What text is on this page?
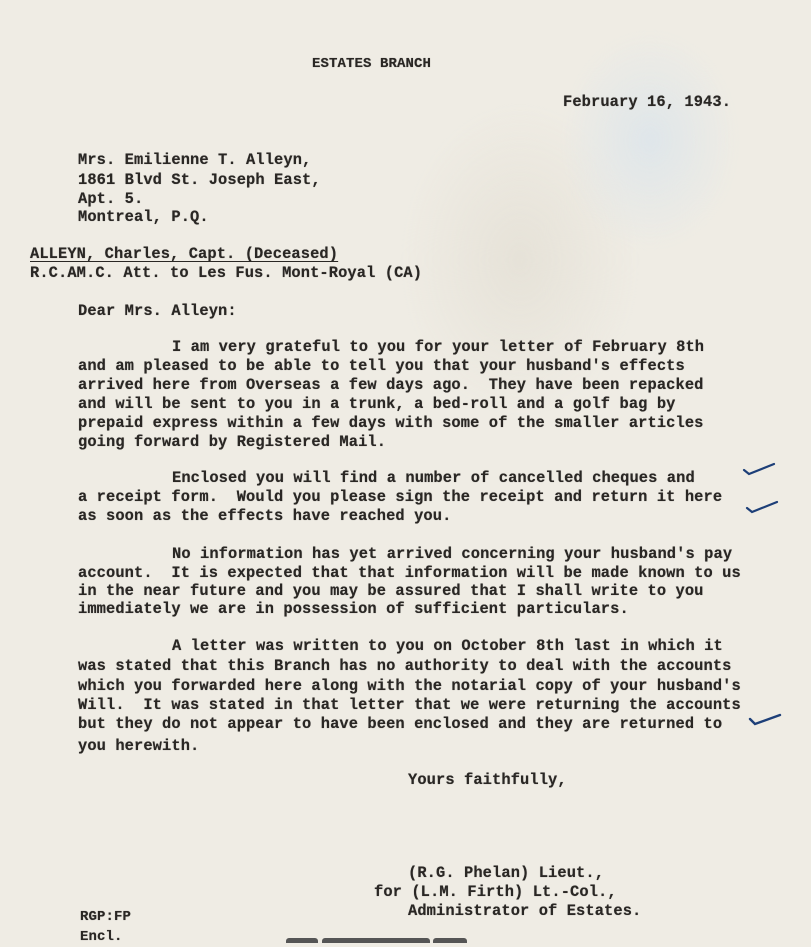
ESTATES BRANCH
February 16, 1943.
Mrs. Emilienne T. Alleyn,
1861 Blvd St. Joseph East,
Apt. 5.
Montreal, P.Q.
ALLEYN, Charles, Capt. (Deceased)
R.C.AM.C. Att. to Les Fus. Mont-Royal (CA)
Dear Mrs. Alleyn:
I am very grateful to you for your letter of February 8th
and am pleased to be able to tell you that your husband's effects
arrived here from Overseas a few days ago.  They have been repacked
and will be sent to you in a trunk, a bed-roll and a golf bag by
prepaid express within a few days with some of the smaller articles
going forward by Registered Mail.
Enclosed you will find a number of cancelled cheques and
a receipt form.  Would you please sign the receipt and return it here
as soon as the effects have reached you.
No information has yet arrived concerning your husband's pay
account.  It is expected that that information will be made known to us
in the near future and you may be assured that I shall write to you
immediately we are in possession of sufficient particulars.
A letter was written to you on October 8th last in which it
was stated that this Branch has no authority to deal with the accounts
which you forwarded here along with the notarial copy of your husband's
Will.  It was stated in that letter that we were returning the accounts
but they do not appear to have been enclosed and they are returned to
you herewith.
Yours faithfully,
(R.G. Phelan) Lieut.,
for (L.M. Firth) Lt.-Col.,
Administrator of Estates.
RGP:FP
Encl.
